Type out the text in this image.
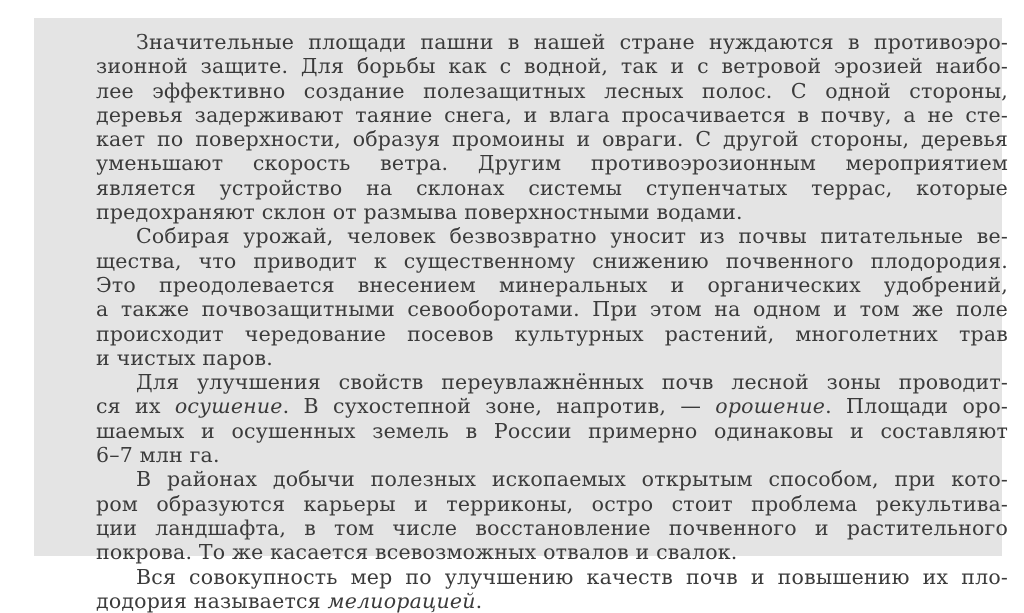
Значительные площади пашни в нашей стране нуждаются в противоэро-
зионной защите. Для борьбы как с водной, так и с ветровой эрозией наибо-
лее эффективно создание полезащитных лесных полос. С одной стороны,
деревья задерживают таяние снега, и влага просачивается в почву, а не сте-
кает по поверхности, образуя промоины и овраги. С другой стороны, деревья
уменьшают скорость ветра. Другим противоэрозионным мероприятием
является устройство на склонах системы ступенчатых террас, которые
предохраняют склон от размыва поверхностными водами.
Собирая урожай, человек безвозвратно уносит из почвы питательные ве-
щества, что приводит к существенному снижению почвенного плодородия.
Это преодолевается внесением минеральных и органических удобрений,
а также почвозащитными севооборотами. При этом на одном и том же поле
происходит чередование посевов культурных растений, многолетних трав
и чистых паров.
Для улучшения свойств переувлажнённых почв лесной зоны проводит-
ся их осушение. В сухостепной зоне, напротив, — орошение. Площади оро-
шаемых и осушенных земель в России примерно одинаковы и составляют
6–7 млн га.
В районах добычи полезных ископаемых открытым способом, при кото-
ром образуются карьеры и терриконы, остро стоит проблема рекультива-
ции ландшафта, в том числе восстановление почвенного и растительного
покрова. То же касается всевозможных отвалов и свалок.
Вся совокупность мер по улучшению качеств почв и повышению их пло-
додория называется мелиорацией.
